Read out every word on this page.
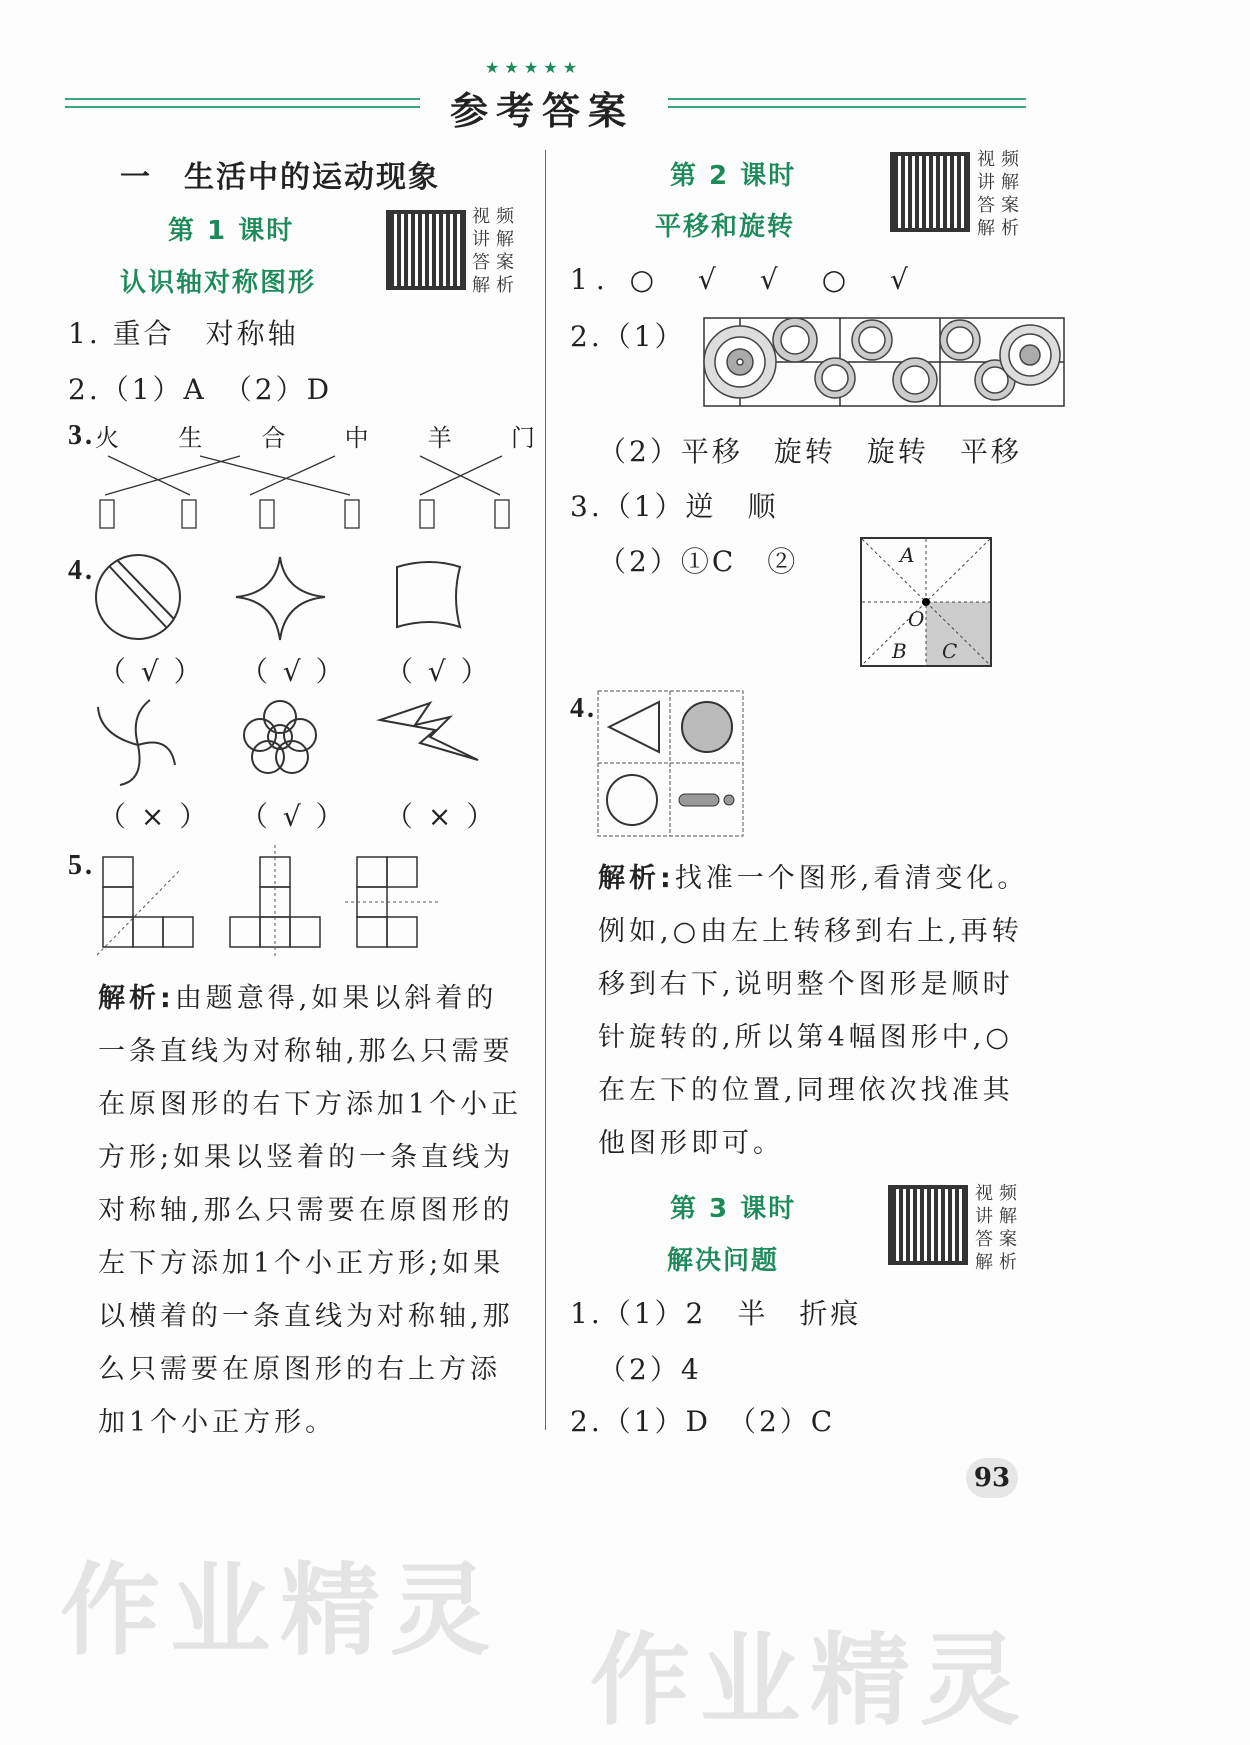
作业精灵
作业精灵
★ ★ ★ ★ ★
参考答案
一　生活中的运动现象
第 1 课时
认识轴对称图形
视频讲解 答案解析
1. 重合　对称轴
2.（1）A　（2）D
3. 火 生 合 中 羊 门
4.
（ √ ） （ √ ） （ √ ）
（ × ） （ √ ） （ × ）
5.
解析:由题意得,如果以斜着的一条直线为对称轴,那么只需要在原图形的右下方添加1个小正方形;如果以竖着的一条直线为对称轴,那么只需要在原图形的左下方添加1个小正方形;如果以横着的一条直线为对称轴,那么只需要在原图形的右上方添加1个小正方形。
第 2 课时
平移和旋转
视频讲解 答案解析
1. ○　√　√　○　√
2.（1）
（2）平移　旋转　旋转　平移
3.（1）逆　顺
（2）①C　②	A
O
B C
4.
解析:找准一个图形,看清变化。例如,○由左上转移到右上,再转移到右下,说明整个图形是顺时针旋转的,所以第4幅图形中,○在左下的位置,同理依次找准其他图形即可。
第 3 课时
解决问题
视频讲解 答案解析
1.（1）2　半　折痕
（2）4
2.（1）D　（2）C
93
